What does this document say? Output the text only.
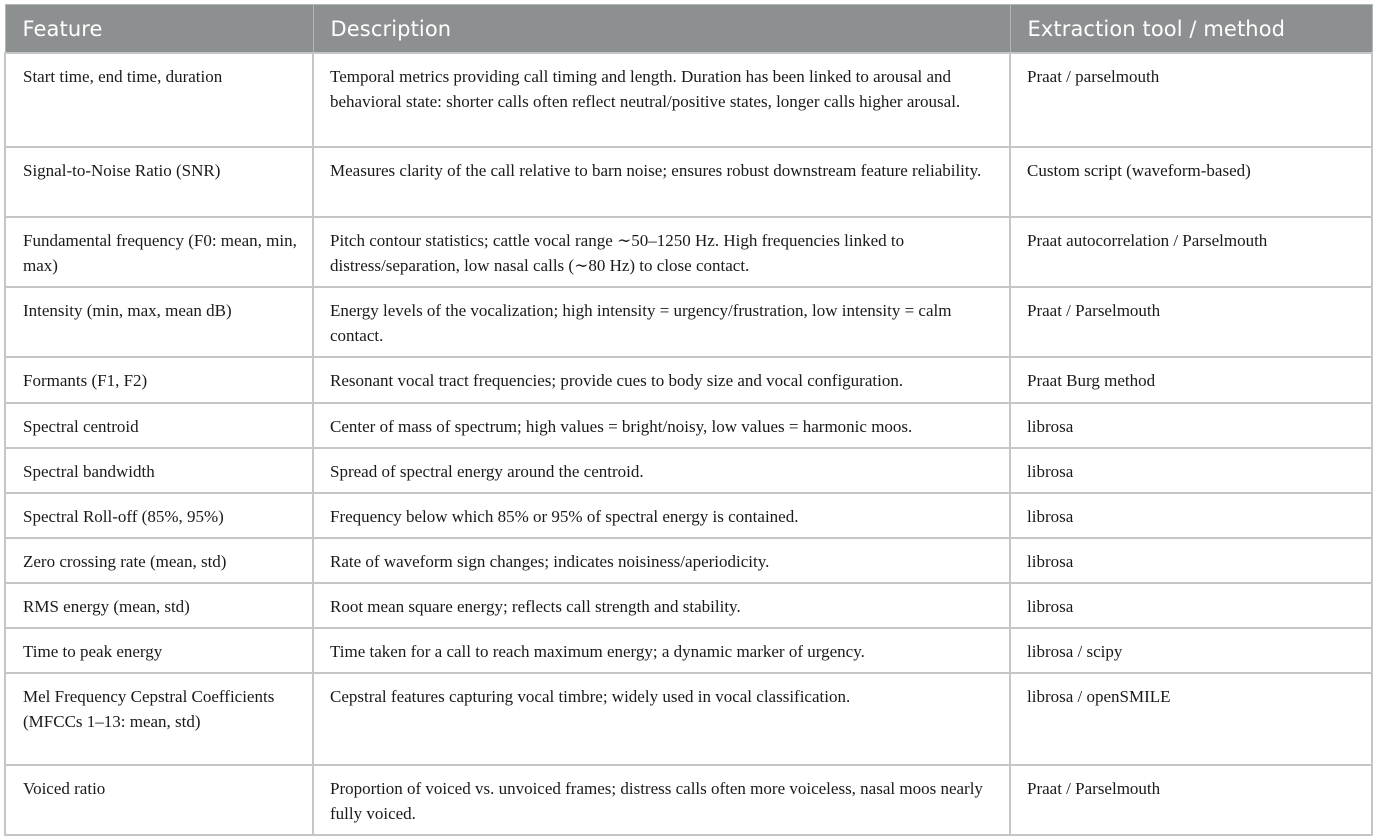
Feature	Description	Extraction tool / method
Start time, end time, duration	Temporal metrics providing call timing and length. Duration has been linked to arousal and behavioral state: shorter calls often reflect neutral/positive states, longer calls higher arousal.	Praat / parselmouth
Signal-to-Noise Ratio (SNR)	Measures clarity of the call relative to barn noise; ensures robust downstream feature reliability.	Custom script (waveform-based)
Fundamental frequency (F0: mean, min, max)	Pitch contour statistics; cattle vocal range ∼50–1250 Hz. High frequencies linked to distress/separation, low nasal calls (∼80 Hz) to close contact.	Praat autocorrelation / Parselmouth
Intensity (min, max, mean dB)	Energy levels of the vocalization; high intensity = urgency/frustration, low intensity = calm contact.	Praat / Parselmouth
Formants (F1, F2)	Resonant vocal tract frequencies; provide cues to body size and vocal configuration.	Praat Burg method
Spectral centroid	Center of mass of spectrum; high values = bright/noisy, low values = harmonic moos.	librosa
Spectral bandwidth	Spread of spectral energy around the centroid.	librosa
Spectral Roll-off (85%, 95%)	Frequency below which 85% or 95% of spectral energy is contained.	librosa
Zero crossing rate (mean, std)	Rate of waveform sign changes; indicates noisiness/aperiodicity.	librosa
RMS energy (mean, std)	Root mean square energy; reflects call strength and stability.	librosa
Time to peak energy	Time taken for a call to reach maximum energy; a dynamic marker of urgency.	librosa / scipy
Mel Frequency Cepstral Coefficients (MFCCs 1–13: mean, std)	Cepstral features capturing vocal timbre; widely used in vocal classification.	librosa / openSMILE
Voiced ratio	Proportion of voiced vs. unvoiced frames; distress calls often more voiceless, nasal moos nearly fully voiced.	Praat / Parselmouth
